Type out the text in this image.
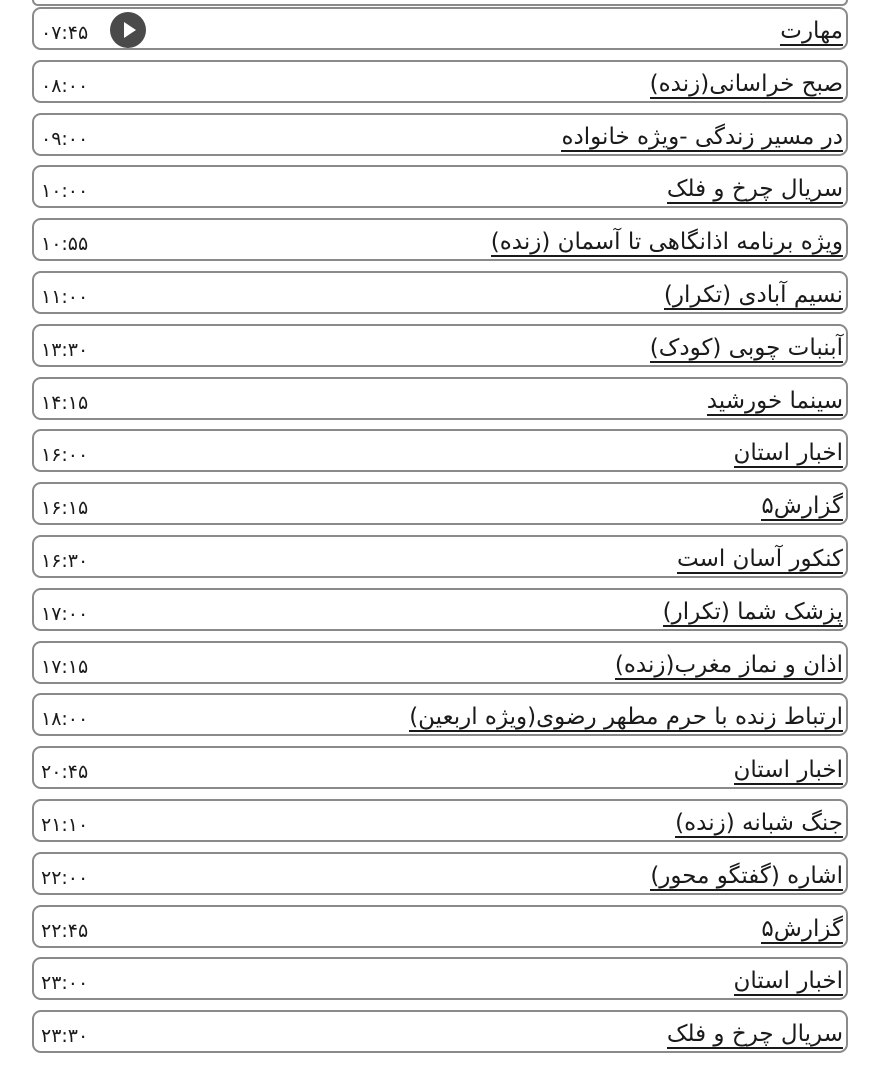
مهارت
۰۷:۴۵
صبح خراسانی(زنده)
۰۸:۰۰
در مسیر زندگی -ویژه خانواده
۰۹:۰۰
سریال چرخ و فلک
۱۰:۰۰
ویژه برنامه اذانگاهی تا آسمان (زنده)
۱۰:۵۵
نسیم آبادی (تکرار)
۱۱:۰۰
آبنبات چوبی (کودک)
۱۳:۳۰
سینما خورشید
۱۴:۱۵
اخبار استان
۱۶:۰۰
گزارش۵
۱۶:۱۵
کنکور آسان است
۱۶:۳۰
پزشک شما (تکرار)
۱۷:۰۰
اذان و نماز مغرب(زنده)
۱۷:۱۵
ارتباط زنده با حرم مطهر رضوی(ویژه اربعین)
۱۸:۰۰
اخبار استان
۲۰:۴۵
جنگ شبانه (زنده)
۲۱:۱۰
اشاره (گفتگو محور)
۲۲:۰۰
گزارش۵
۲۲:۴۵
اخبار استان
۲۳:۰۰
سریال چرخ و فلک
۲۳:۳۰
